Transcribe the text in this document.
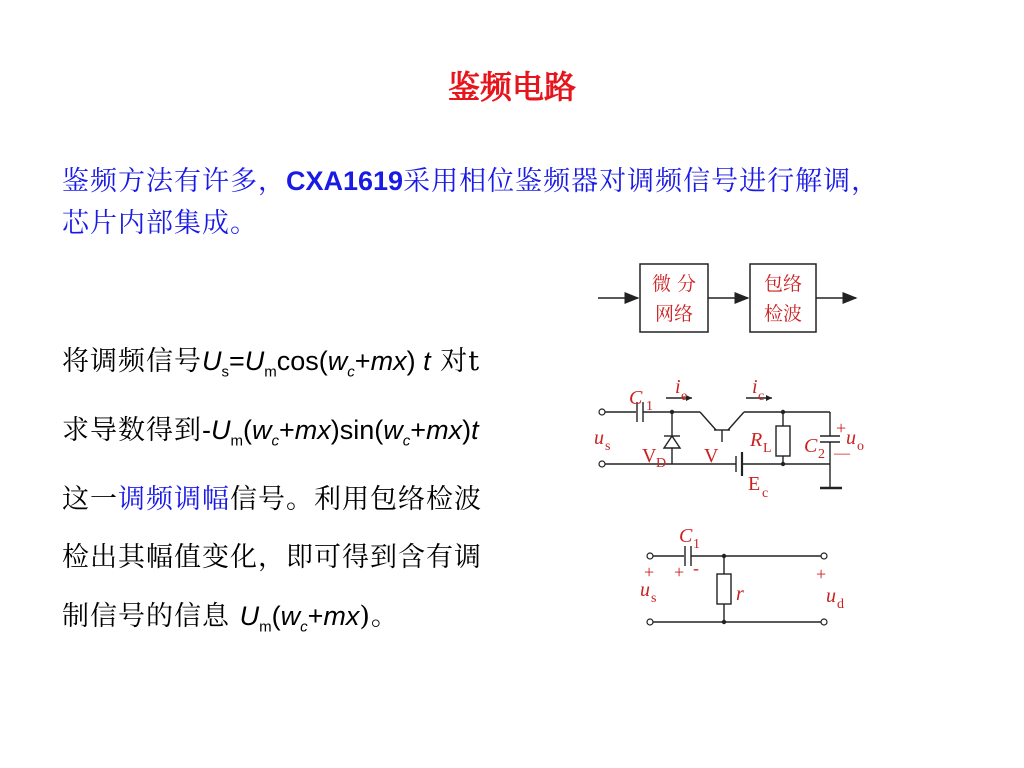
鉴频电路
鉴频方法有许多，CXA1619采用相位鉴频器对调频信号进行解调，芯片内部集成。
将调频信号$U_s=U_m\cos(w_c+mx)$ t 对t
求导数得到$-U_m(w_c+mx)\sin(w_c+mx)t$
这一调频调幅信号。利用包络检波
检出其幅值变化，即可得到含有调
制信号的信息 $U_m(w_c+mx)$。
微 分
网络
包络
检波
C 1
i e	i c
u s V D V
R L C 2
+ u o
—
E c
C 1
+ + -
u s	r
+
u d
